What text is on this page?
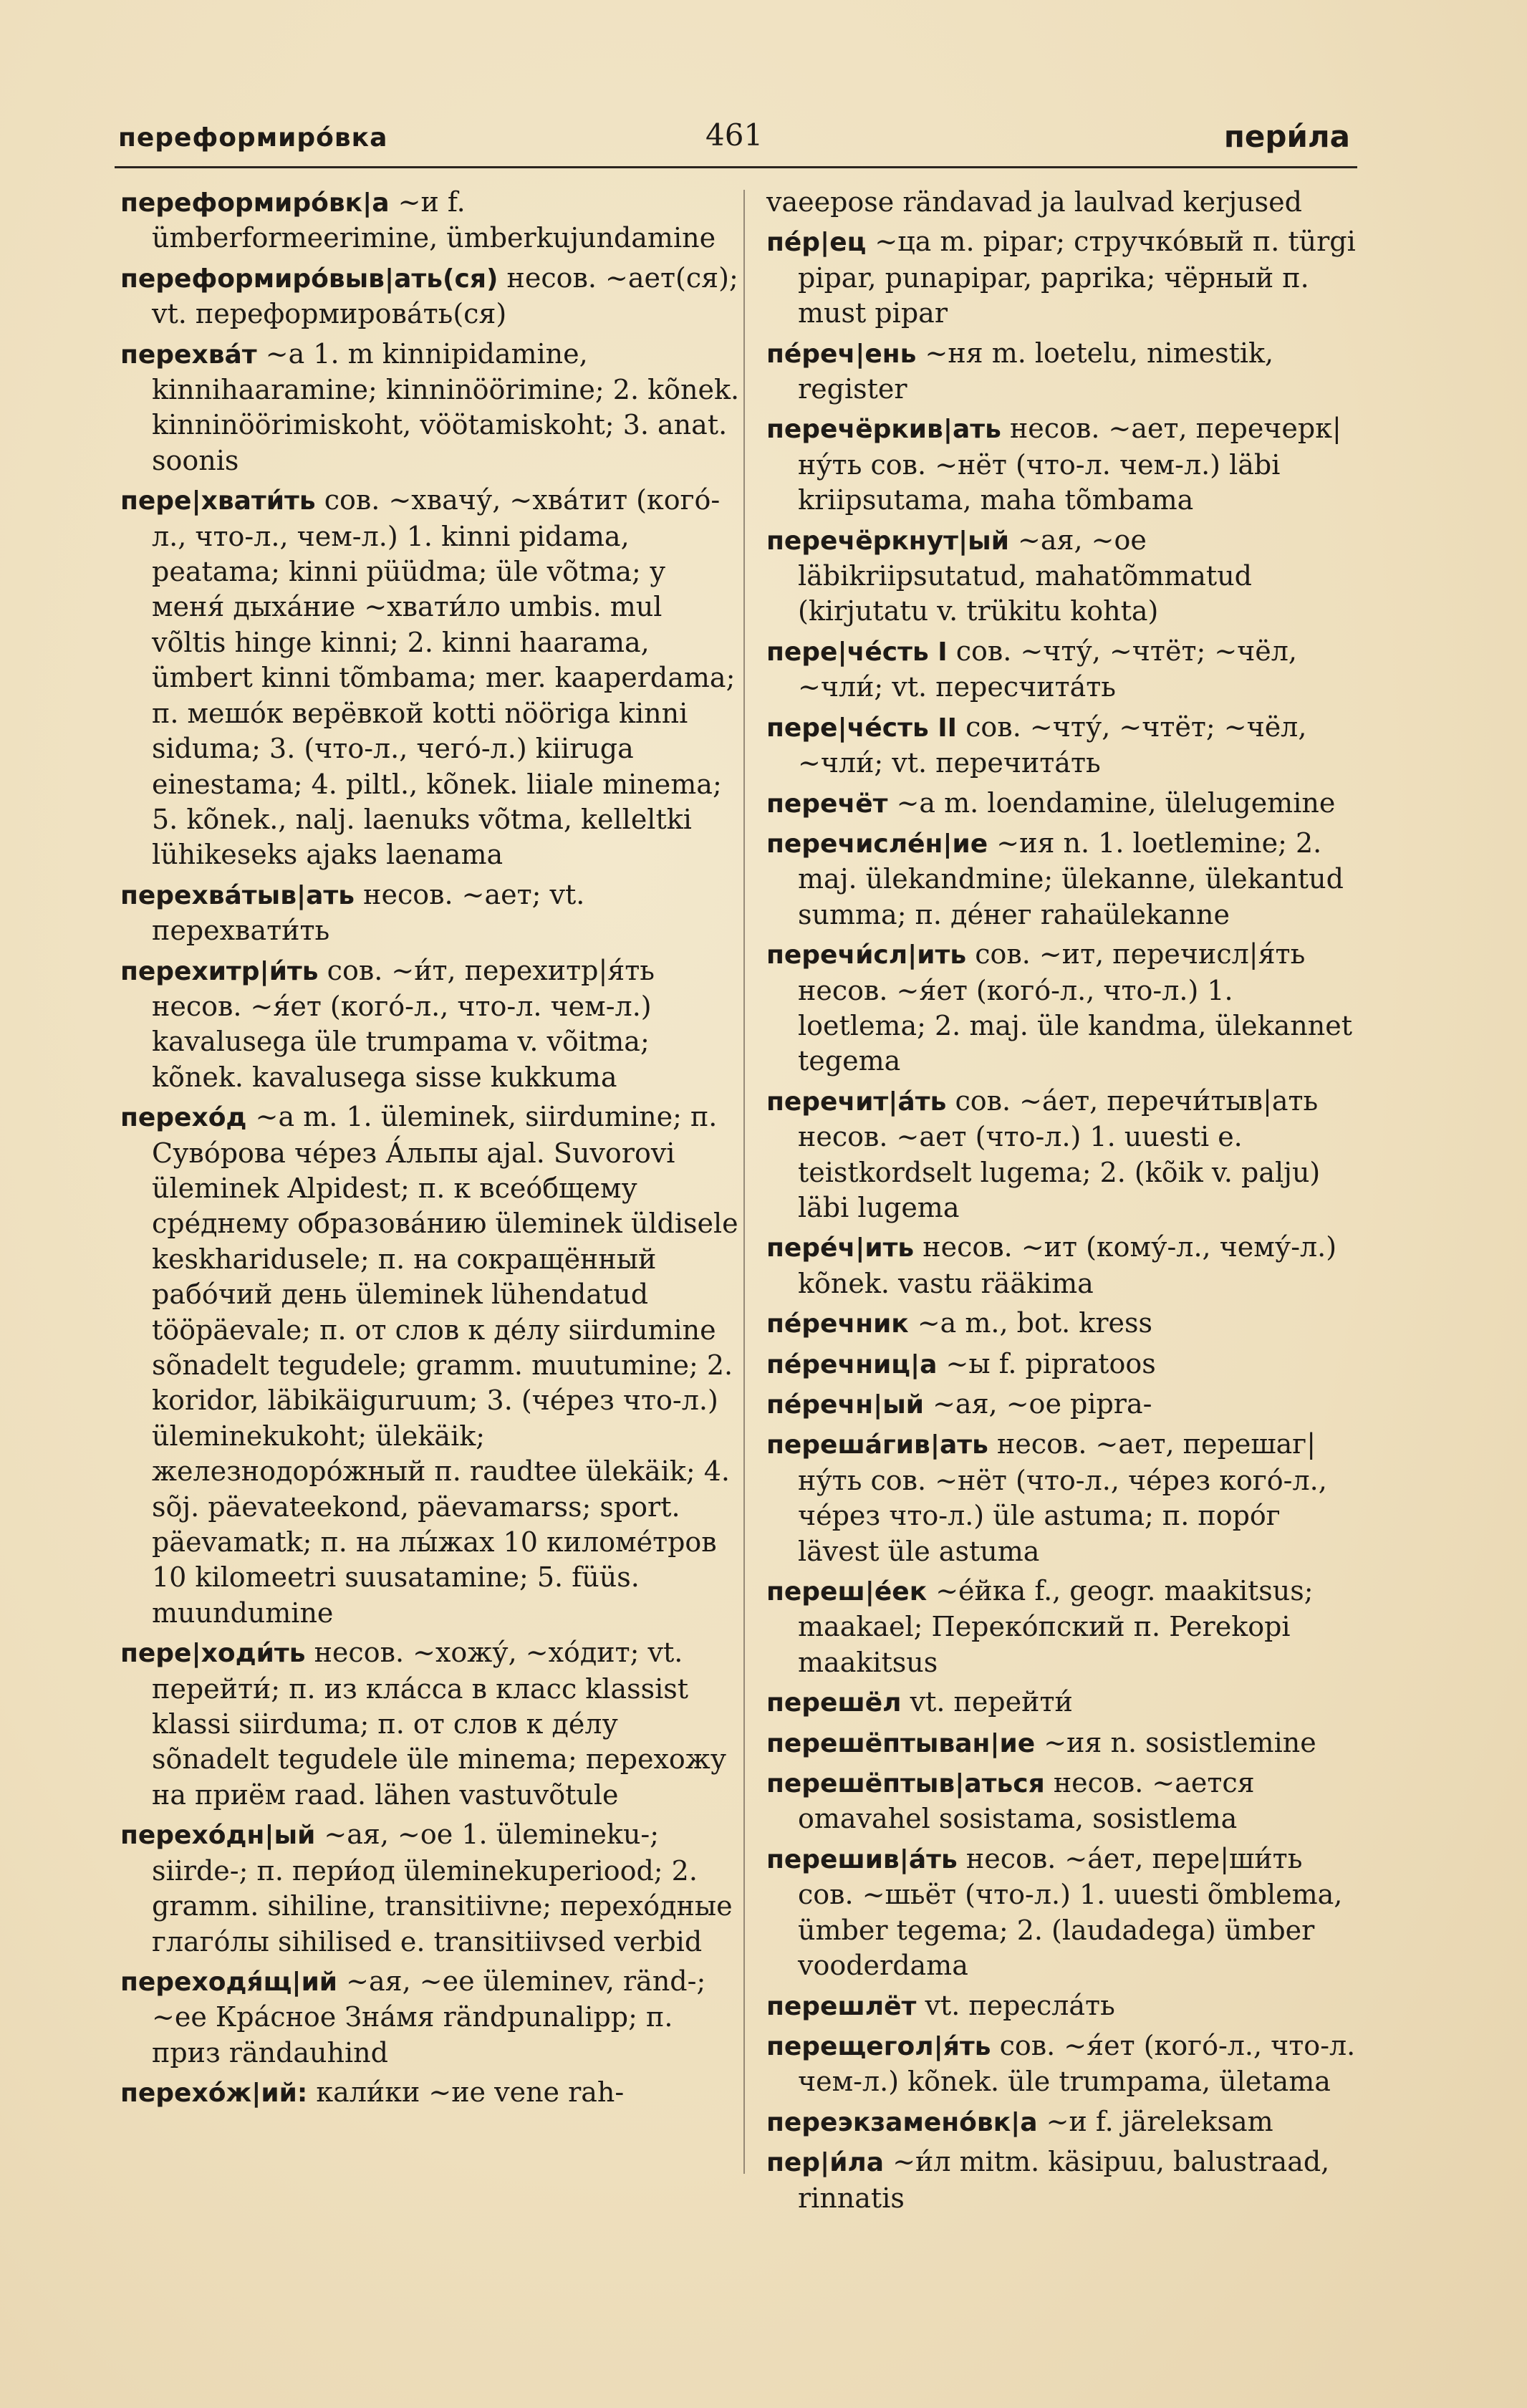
переформиро́вка	461	пери́ла
переформиро́вк|а ~и f. ümberformeerimine, ümberkujundamine
переформиро́выв|ать(ся) несов. ~ает(ся); vt. переформирова́ть(ся)
перехва́т ~а 1. m kinnipidamine, kinnihaaramine; kinninöörimine; 2. kõnek. kinninöörimiskoht, vöötamiskoht; 3. anat. soonis
пере|хвати́ть сов. ~хвачу́, ~хва́тит (кого́-л., что-л., чем-л.) 1. kinni pidama, peatama; kinni püüdma; üle võtma; у меня́ дыха́ние ~хвати́ло umbis. mul võltis hinge kinni; 2. kinni haarama, ümbert kinni tõmbama; mer. kaaperdama; п. мешо́к верёвкой kotti nööriga kinni siduma; 3. (что-л., чего́-л.) kiiruga einestama; 4. piltl., kõnek. liiale minema; 5. kõnek., nalj. laenuks võtma, kelleltki lühikeseks ajaks laenama
перехва́тыв|ать несов. ~ает; vt. перехвати́ть
перехитр|и́ть сов. ~и́т, перехитр|я́ть несов. ~я́ет (кого́-л., что-л. чем-л.) kavalusega üle trumpama v. võitma; kõnek. kavalusega sisse kukkuma
перехо́д ~а m. 1. üleminek, siirdumine; п. Суво́рова че́рез А́льпы ajal. Suvorovi üleminek Alpidest; п. к всео́бщему сре́днему образова́нию üleminek üldisele keskharidusele; п. на сокращённый рабо́чий день üleminek lühendatud tööpäevale; п. от слов к де́лу siirdumine sõnadelt tegudele; gramm. muutumine; 2. koridor, läbikäiguruum; 3. (че́рез что-л.) üleminekukoht; ülekäik; железнодоро́жный п. raudtee ülekäik; 4. sõj. päevateekond, päevamarss; sport. päevamatk; п. на лы́жах 10 киломе́тров 10 kilomeetri suusatamine; 5. füüs. muundumine
пере|ходи́ть несов. ~хожу́, ~хо́дит; vt. перейти́; п. из кла́сса в класс klassist klassi siirduma; п. от слов к де́лу sõnadelt tegudele üle minema; перехожу на приём raad. lähen vastuvõtule
перехо́дн|ый ~ая, ~ое 1. ülemineku-; siirde-; п. пери́од üleminekuperiood; 2. gramm. sihiline, transitiivne; перехо́дные глаго́лы sihilised e. transitiivsed verbid
переходя́щ|ий ~ая, ~ее üleminev, ränd-; ~ее Кра́сное Зна́мя rändpunalipp; п. приз rändauhind
перехо́ж|ий: кали́ки ~ие vene rah-
vaeepose rändavad ja laulvad kerjused
пе́р|ец ~ца m. pipar; стручко́вый п. türgi pipar, punapipar, paprika; чёрный п. must pipar
пе́реч|ень ~ня m. loetelu, nimestik, register
перечёркив|ать несов. ~ает, перечерк|ну́ть сов. ~нёт (что-л. чем-л.) läbi kriipsutama, maha tõmbama
перечёркнут|ый ~ая, ~ое läbikriipsutatud, mahatõmmatud (kirjutatu v. trükitu kohta)
пере|че́сть I сов. ~чту́, ~чтёт; ~чёл, ~чли́; vt. пересчита́ть
пере|че́сть II сов. ~чту́, ~чтёт; ~чёл, ~чли́; vt. перечита́ть
перечёт ~а m. loendamine, ülelugemine
перечисле́н|ие ~ия n. 1. loetlemine; 2. maj. ülekandmine; ülekanne, ülekantud summa; п. де́нег rahaülekanne
перечи́сл|ить сов. ~ит, перечисл|я́ть несов. ~я́ет (кого́-л., что-л.) 1. loetlema; 2. maj. üle kandma, ülekannet tegema
перечит|а́ть сов. ~а́ет, перечи́тыв|ать несов. ~ает (что-л.) 1. uuesti e. teistkordselt lugema; 2. (kõik v. palju) läbi lugema
пере́ч|ить несов. ~ит (кому́-л., чему́-л.) kõnek. vastu rääkima
пе́речник ~а m., bot. kress
пе́речниц|а ~ы f. pipratoos
пе́речн|ый ~ая, ~ое pipra-
перешáгив|ать несов. ~ает, перешаг|ну́ть сов. ~нёт (что-л., че́рез кого́-л., че́рез что-л.) üle astuma; п. поро́г lävest üle astuma
переш|е́ек ~е́йка f., geogr. maakitsus; maakael; Перeко́пский п. Perekopi maakitsus
перешёл vt. перейти́
перешёптыван|ие ~ия n. sosistlemine
перешёптыв|аться несов. ~ается omavahel sosistama, sosistlema
перешив|а́ть несов. ~а́ет, пере|ши́ть сов. ~шьёт (что-л.) 1. uuesti õmblema, ümber tegema; 2. (laudadega) ümber vooderdama
перешлёт vt. пересла́ть
перещегол|я́ть сов. ~я́ет (кого́-л., что-л. чем-л.) kõnek. üle trumpama, ületama
переэкзамено́вк|а ~и f. järeleksam
пер|и́ла ~и́л mitm. käsipuu, balustraad, rinnatis
